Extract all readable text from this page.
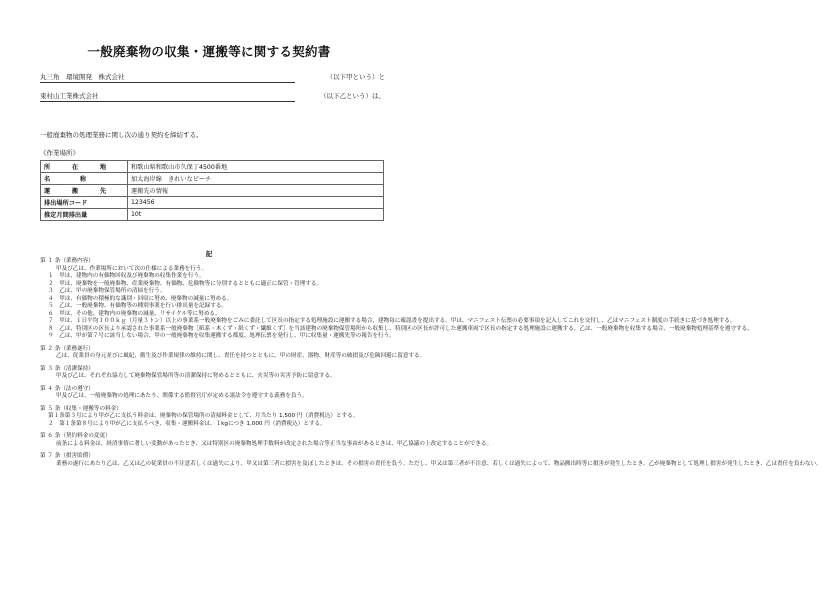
一般廃棄物の収集・運搬等に関する契約書
丸三角　環境開発　株式会社	（以下甲という）と
東村山工業株式会社	（以下乙という）は、
一般廃棄物の処理業務に関し次の通り契約を締結する。
《作業場所》
所 在 地	和歌山県和歌山市久保丁4500番地

名 称	加太海岸線　きれいなビーチ

運 搬 先	運搬先の情報

排出場所コード	123456

推定月間排出量	10t
記

第 １ 条（業務内容）

甲及び乙は、作業場所において次の仕様による業務を行う。

１　甲は、建物内の有価物回収及び廃棄物の収集作業を行う。

２　甲は、廃棄物を一般廃棄物、産業廃棄物、有価物、危険物等に分別するとともに適正に保管・管理する。

３　乙は、甲の廃棄物保管場所の清掃を行う。

４　甲は、有価物の積極的な識別・回収に努め、廃棄物の減量に努める。

５　乙は、一般廃棄物、有価物等の種別事業を行い排出量を記録する。

６　甲は、その他、建物内の廃棄物の減量、リサイクル等に努める。

７　甲は、１日平均１００ｋｇ（月量３トン）以上の事業系一般廃棄物をごみに委託して区長の指定する処理施設に運搬する場合、建物毎に確認書を提出する。甲は、マニフェスト伝票の必要事項を記入してこれを交付し、乙はマニフェスト制度の手続きに基づき処理する。

８　乙は、特別区の区長より承認された事業系一般廃棄物［紙系・木くず・紙くず・繊維くず］を当該建物の廃棄物保管場所から収集し、特別区の区長が許可した運搬車両で区長の指定する処理施設に運搬する。乙は、一般廃棄物を収集する場合、一般廃棄物処理基準を遵守する。

９　乙は、甲が第７号に該当しない場合、甲の一般廃棄物を収集運搬する都度、処理伝票を発行し、甲に収集量・運搬先等の報告を行う。

第 ２ 条（業務遂行）

乙は、従業員の身元並びに風紀、衛生及び作業規律の維持に関し、責任を持つとともに、甲の財産、器物、財産等の破損及び危険回避に留意する。

第 ３ 条（清潔保持）

甲及び乙は、それぞれ協力して廃棄物保管場所等の清潔保持に努めるとともに、火災等の災害予防に留意する。

第 ４ 条（法の遵守）

甲及び乙は、一般廃棄物の処理にあたり、関係する監督官庁が定める諸法令を遵守する義務を負う。

第 ５ 条（収集・運搬等の料金）

第１条第３号により甲が乙に支払う料金は、廃棄物の保管場所の清掃料金として、月当たり 1,500 円（消費税込）とする。

２　第１条第８号により甲が乙に支払うべき、収集・運搬料金は、１kgにつき 1,000 円（消費税込）とする。

第 ６ 条（契約料金の変更）

前条による料金は、経済事情に著しい変動があったとき、又は特別区の廃棄物処理手数料が改定された場合等正当な事由があるときは、甲乙協議の上改定することができる。

第 ７ 条（損害賠償）

業務の遂行にあたり乙は、乙又は乙の従業員の不注意若しくは過失により、甲又は第三者に損害を及ぼしたときは、その損害の責任を負う。ただし、甲又は第三者が不注意、若しくは過失によって、物品搬出時等に損害が発生したとき、乙が廃棄物として処理し損害が発生したとき、乙は責任を負わない。
